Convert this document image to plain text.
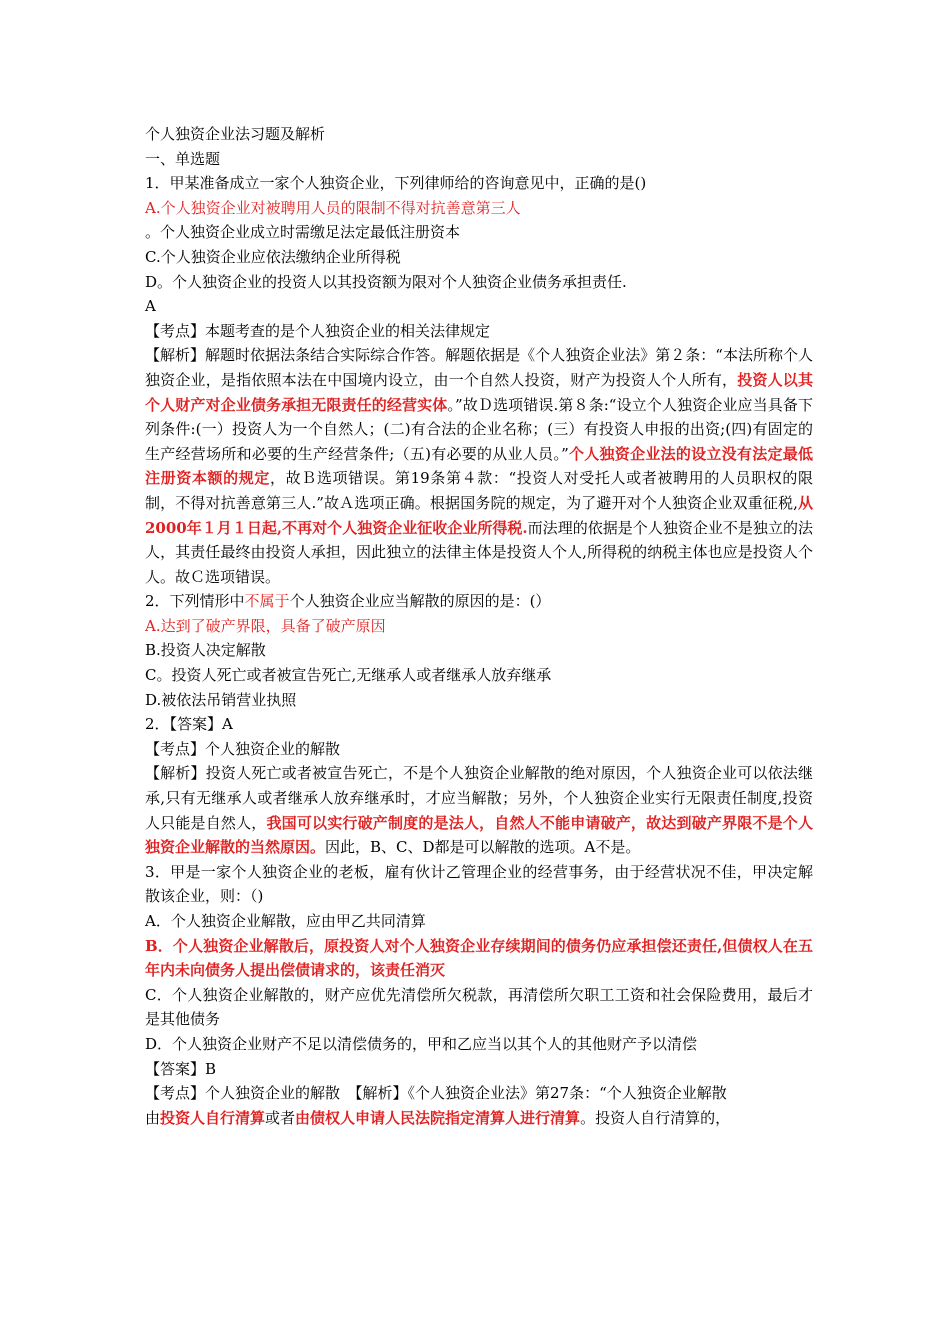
个人独资企业法习题及解析

一、单选题

1．甲某准备成立一家个人独资企业，下列律师给的咨询意见中，正确的是()

A.个人独资企业对被聘用人员的限制不得对抗善意第三人

。个人独资企业成立时需缴足法定最低注册资本

C.个人独资企业应依法缴纳企业所得税

D。个人独资企业的投资人以其投资额为限对个人独资企业债务承担责任.

A

【考点】本题考查的是个人独资企业的相关法律规定

【解析】解题时依据法条结合实际综合作答。解题依据是《个人独资企业法》第２条：“本法所称个人独资企业，是指依照本法在中国境内设立，由一个自然人投资，财产为投资人个人所有，投资人以其个人财产对企业债务承担无限责任的经营实体。”故Ｄ选项错误.第８条:“设立个人独资企业应当具备下列条件:(一）投资人为一个自然人；(二)有合法的企业名称；(三）有投资人申报的出资;(四)有固定的生产经营场所和必要的生产经营条件;（五)有必要的从业人员。”个人独资企业法的设立没有法定最低注册资本额的规定，故Ｂ选项错误。第19条第４款：“投资人对受托人或者被聘用的人员职权的限制，不得对抗善意第三人.”故Ａ选项正确。根据国务院的规定，为了避开对个人独资企业双重征税,从2000年１月１日起,不再对个人独资企业征收企业所得税.而法理的依据是个人独资企业不是独立的法人，其责任最终由投资人承担，因此独立的法律主体是投资人个人,所得税的纳税主体也应是投资人个人。故Ｃ选项错误。

2．下列情形中不属于个人独资企业应当解散的原因的是：(）

A.达到了破产界限，具备了破产原因

B.投资人决定解散

C。投资人死亡或者被宣告死亡,无继承人或者继承人放弃继承

D.被依法吊销营业执照

2．【答案】A

【考点】个人独资企业的解散

【解析】投资人死亡或者被宣告死亡，不是个人独资企业解散的绝对原因，个人独资企业可以依法继承,只有无继承人或者继承人放弃继承时，才应当解散；另外，个人独资企业实行无限责任制度,投资人只能是自然人，我国可以实行破产制度的是法人，自然人不能申请破产，故达到破产界限不是个人独资企业解散的当然原因。因此，B、C、D都是可以解散的选项。A不是。

3．甲是一家个人独资企业的老板，雇有伙计乙管理企业的经营事务，由于经营状况不佳，甲决定解散该企业，则：（)

A．个人独资企业解散，应由甲乙共同清算

B．个人独资企业解散后，原投资人对个人独资企业存续期间的债务仍应承担偿还责任,但债权人在五年内未向债务人提出偿债请求的，该责任消灭

C．个人独资企业解散的，财产应优先清偿所欠税款，再清偿所欠职工工资和社会保险费用，最后才是其他债务

D．个人独资企业财产不足以清偿债务的，甲和乙应当以其个人的其他财产予以清偿

【答案】B

【考点】个人独资企业的解散　【解析】《个人独资企业法》第27条：“个人独资企业解散

由投资人自行清算或者由债权人申请人民法院指定清算人进行清算。投资人自行清算的，
